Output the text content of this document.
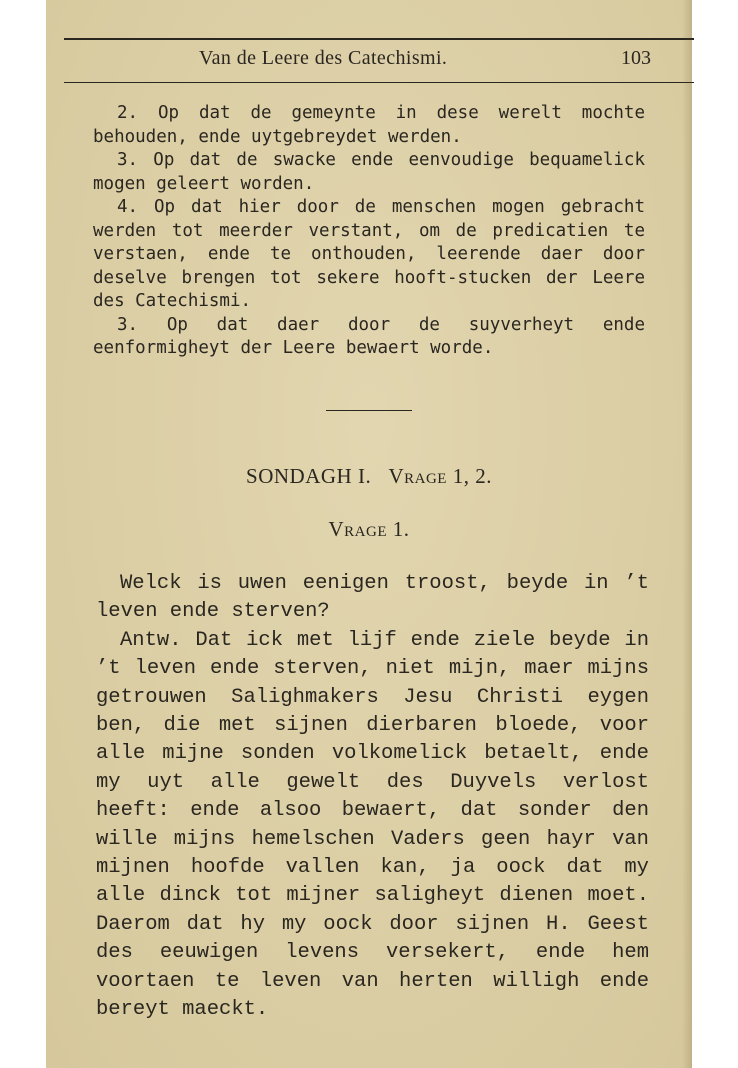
Van de Leere des Catechismi.	103

2. Op dat de gemeynte in dese werelt mochte behouden, ende uytgebreydet werden.

3. Op dat de swacke ende eenvoudige bequamelick mogen geleert worden.

4. Op dat hier door de menschen mogen gebracht werden tot meerder verstant, om de predicatien te verstaen, ende te onthouden, leerende daer door deselve brengen tot sekere hooft-stucken der Leere des Catechismi.

3. Op dat daer door de suyverheyt ende eenformigheyt der Leere bewaert worde.

SONDAGH I. Vrage 1, 2.
Vrage 1.

Welck is uwen eenigen troost, beyde in ’t leven ende sterven?

Antw. Dat ick met lijf ende ziele beyde in ’t leven ende sterven, niet mijn, maer mijns getrouwen Salighmakers Jesu Christi eygen ben, die met sijnen dierbaren bloede, voor alle mijne sonden volkomelick betaelt, ende my uyt alle gewelt des Duyvels verlost heeft: ende alsoo bewaert, dat sonder den wille mijns hemelschen Vaders geen hayr van mijnen hoofde vallen kan, ja oock dat my alle dinck tot mijner saligheyt dienen moet. Daerom dat hy my oock door sijnen H. Geest des eeuwigen levens versekert, ende hem voortaen te leven van herten willigh ende bereyt maeckt.
